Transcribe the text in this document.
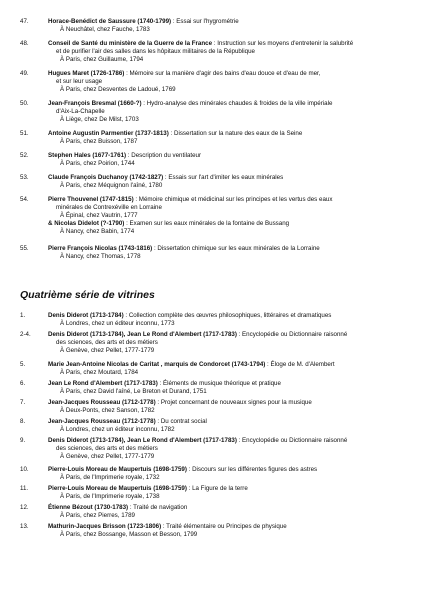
47.	Horace-Benédict de Saussure (1740-1799) : Essai sur l'hygrométrie
À Neuchâtel, chez Fauche, 1783
48.	Conseil de Santé du ministère de la Guerre de la France : Instruction sur les moyens d'entretenir la salubrité
et de purifier l'air des salles dans les hôpitaux militaires de la République
À Paris, chez Guillaume, 1794
49.	Hugues Maret (1726-1786) : Mémoire sur la manière d'agir des bains d'eau douce et d'eau de mer,
et sur leur usage
À Paris, chez Desventes de Ladoué, 1769
50.	Jean-François Bresmal (1660-?) : Hydro-analyse des minérales chaudes & froides de la ville impériale
d'Aix-La-Chapelle
À Liège, chez De Milst, 1703
51.	Antoine Augustin Parmentier (1737-1813) : Dissertation sur la nature des eaux de la Seine
À Paris, chez Buisson, 1787
52.	Stephen Hales (1677-1761) : Description du ventilateur
À Paris, chez Poirion, 1744
53.	Claude François Duchanoy (1742-1827) : Essais sur l'art d'imiter les eaux minérales
À Paris, chez Méquignon l'aîné, 1780
54.	Pierre Thouvenel (1747-1815) : Mémoire chimique et médicinal sur les principes et les vertus des eaux
minérales de Contrexéville en Lorraine
À Épinal, chez Vautrin, 1777
& Nicolas Didelot (?-1790) : Examen sur les eaux minérales de la fontaine de Bussang
À Nancy, chez Babin, 1774
55.	Pierre François Nicolas (1743-1816) : Dissertation chimique sur les eaux minérales de la Lorraine
À Nancy, chez Thomas, 1778
Quatrième série de vitrines
1.	Denis Diderot (1713-1784) : Collection complète des œuvres philosophiques, littéraires et dramatiques
À Londres, chez un éditeur inconnu, 1773
2-4.	Denis Diderot (1713-1784), Jean Le Rond d'Alembert (1717-1783) : Encyclopédie ou Dictionnaire raisonné
des sciences, des arts et des métiers
À Genève, chez Pellet, 1777-1779
5.	Marie Jean-Antoine Nicolas de Caritat , marquis de Condorcet (1743-1794) : Éloge de M. d'Alembert
À Paris, chez Moutard, 1784
6.	Jean Le Rond d'Alembert (1717-1783) : Éléments de musique théorique et pratique
À Paris, chez David l'aîné, Le Breton et Durand, 1751
7.	Jean-Jacques Rousseau (1712-1778) : Projet concernant de nouveaux signes pour la musique
À Deux-Ponts, chez Sanson, 1782
8.	Jean-Jacques Rousseau (1712-1778) : Du contrat social
À Londres, chez un éditeur inconnu, 1782
9.	Denis Diderot (1713-1784), Jean Le Rond d'Alembert (1717-1783) : Encyclopédie ou Dictionnaire raisonné
des sciences, des arts et des métiers
À Genève, chez Pellet, 1777-1779
10.	Pierre-Louis Moreau de Maupertuis (1698-1759) : Discours sur les différentes figures des astres
À Paris, de l'Imprimerie royale, 1732
11.	Pierre-Louis Moreau de Maupertuis (1698-1759) : La Figure de la terre
À Paris, de l'Imprimerie royale, 1738
12.	Étienne Bézout (1730-1783) : Traité de navigation
À Paris, chez Pierres, 1789
13.	Mathurin-Jacques Brisson (1723-1806) : Traité élémentaire ou Principes de physique
À Paris, chez Bossange, Masson et Besson, 1799
